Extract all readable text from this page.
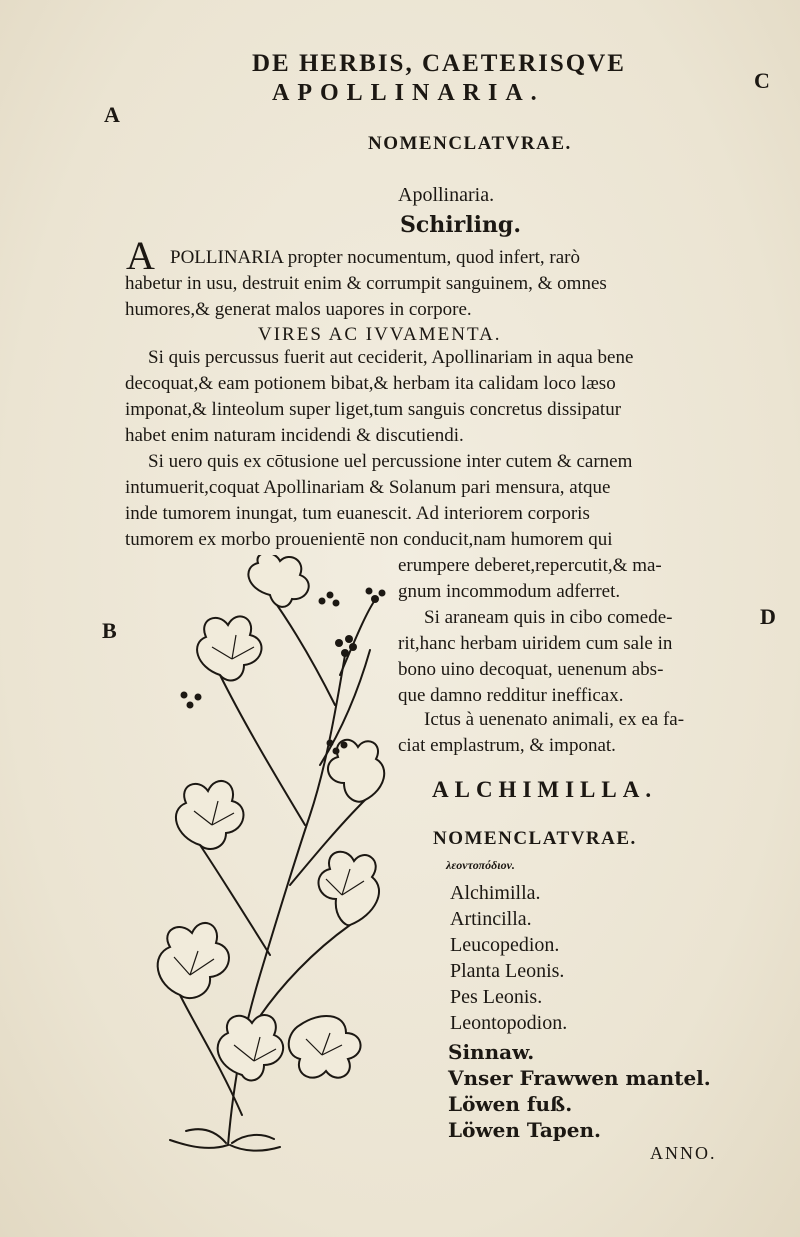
A
C
B
D
DE HERBIS, CAETERISQVE
APOLLINARIA.
NOMENCLATVRAE.
Apollinaria.
Schirling.
A POLLINARIA propter nocumentum, quod infert, rarò
habetur in usu, destruit enim & corrumpit sanguinem, & omnes
humores,& generat malos uapores in corpore.
VIRES AC IVVAMENTA.
Si quis percussus fuerit aut ceciderit, Apollinariam in aqua bene
decoquat,& eam potionem bibat,& herbam ita calidam loco læso
imponat,& linteolum super liget,tum sanguis concretus dissipatur
habet enim naturam incidendi & discutiendi.
Si uero quis ex cōtusione uel percussione inter cutem & carnem
intumuerit,coquat Apollinariam & Solanum pari mensura, atque
inde tumorem inungat, tum euanescit. Ad interiorem corporis
tumorem ex morbo prouenientē non conducit,nam humorem qui
erumpere deberet,repercutit,& ma-
gnum incommodum adferret.
Si araneam quis in cibo comede-
rit,hanc herbam uiridem cum sale in
bono uino decoquat, uenenum abs-
que damno redditur inefficax.
Ictus à uenenato animali, ex ea fa-
ciat emplastrum, & imponat.
ALCHIMILLA.
NOMENCLATVRAE.
λεοντοπόδιον.
Alchimilla.
Artincilla.
Leucopedion.
Planta Leonis.
Pes Leonis.
Leontopodion.
Sinnaw.
Vnser Frawwen mantel.
Löwen fuß.
Löwen Tapen.
ANNO.
